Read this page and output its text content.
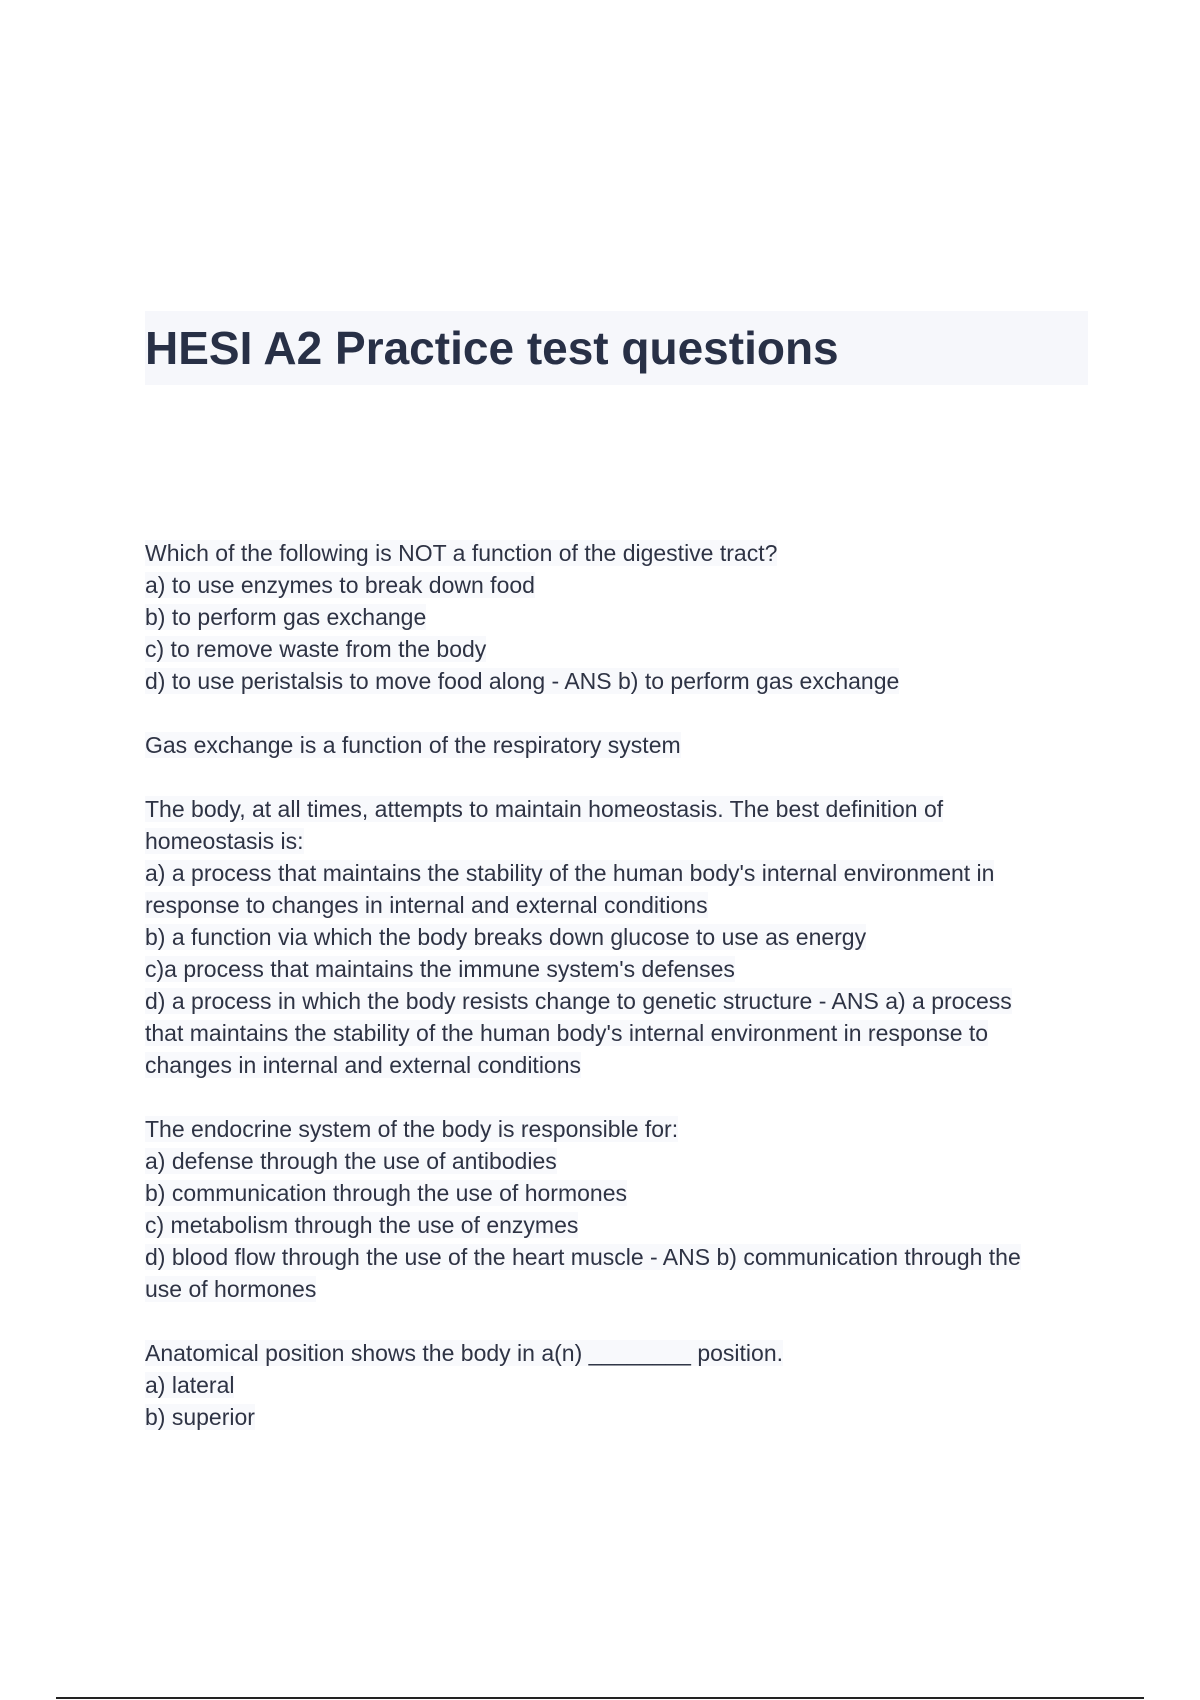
HESI A2 Practice test questions
Which of the following is NOT a function of the digestive tract?
a) to use enzymes to break down food
b) to perform gas exchange
c) to remove waste from the body
d) to use peristalsis to move food along - ANS b) to perform gas exchange
Gas exchange is a function of the respiratory system
The body, at all times, attempts to maintain homeostasis. The best definition of
homeostasis is:
a) a process that maintains the stability of the human body's internal environment in
response to changes in internal and external conditions
b) a function via which the body breaks down glucose to use as energy
c)a process that maintains the immune system's defenses
d) a process in which the body resists change to genetic structure - ANS a) a process
that maintains the stability of the human body's internal environment in response to
changes in internal and external conditions
The endocrine system of the body is responsible for:
a) defense through the use of antibodies
b) communication through the use of hormones
c) metabolism through the use of enzymes
d) blood flow through the use of the heart muscle - ANS b) communication through the
use of hormones
Anatomical position shows the body in a(n) ________ position.
a) lateral
b) superior
